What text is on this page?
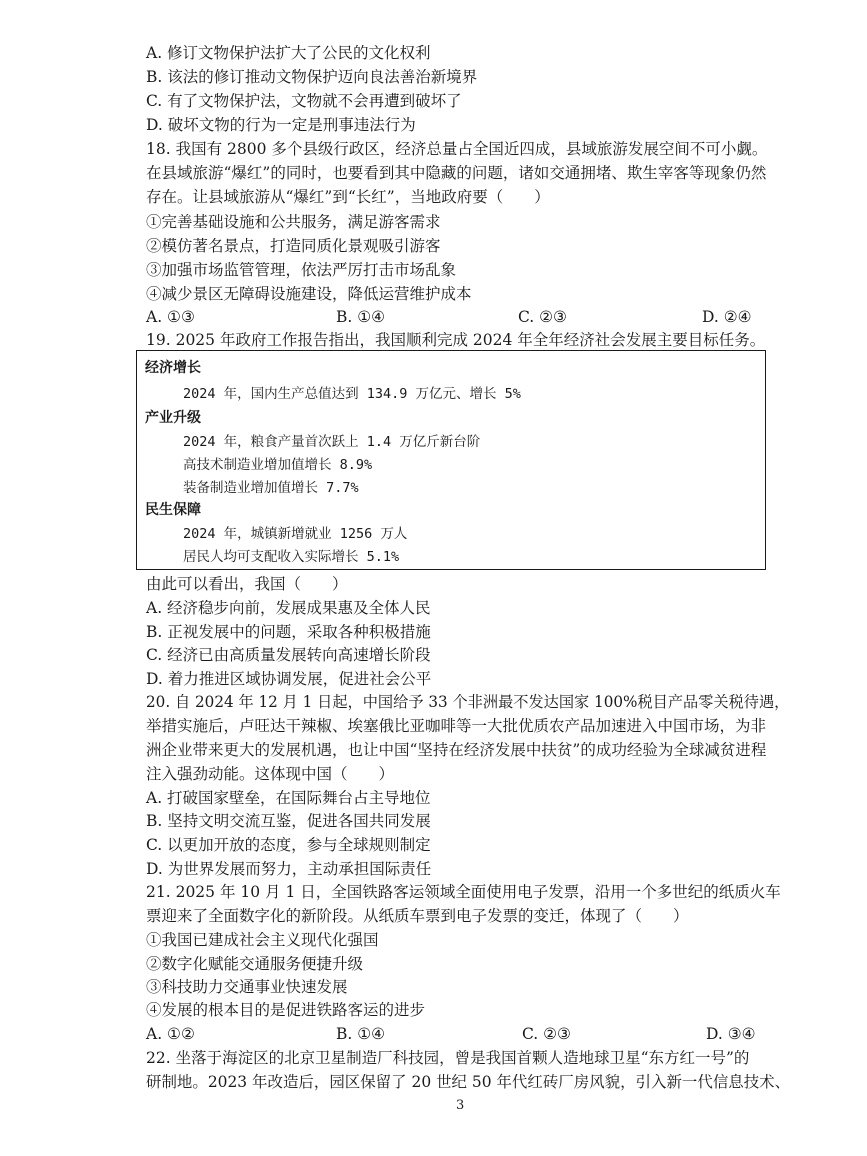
A. 修订文物保护法扩大了公民的文化权利
B. 该法的修订推动文物保护迈向良法善治新境界
C. 有了文物保护法，文物就不会再遭到破坏了
D. 破坏文物的行为一定是刑事违法行为
18. 我国有 2800 多个县级行政区，经济总量占全国近四成，县域旅游发展空间不可小觑。
在县域旅游“爆红”的同时，也要看到其中隐藏的问题，诸如交通拥堵、欺生宰客等现象仍然
存在。让县域旅游从“爆红”到“长红”，当地政府要（　　）
①完善基础设施和公共服务，满足游客需求
②模仿著名景点，打造同质化景观吸引游客
③加强市场监管管理，依法严厉打击市场乱象
④减少景区无障碍设施建设，降低运营维护成本
A. ①③	B. ①④	C. ②③	D. ②④
19. 2025 年政府工作报告指出，我国顺利完成 2024 年全年经济社会发展主要目标任务。
经济增长
2024 年，国内生产总值达到 134.9 万亿元、增长 5%
产业升级
2024 年，粮食产量首次跃上 1.4 万亿斤新台阶
高技术制造业增加值增长 8.9%
装备制造业增加值增长 7.7%
民生保障
2024 年，城镇新增就业 1256 万人
居民人均可支配收入实际增长 5.1%
由此可以看出，我国（　　）
A. 经济稳步向前，发展成果惠及全体人民
B. 正视发展中的问题，采取各种积极措施
C. 经济已由高质量发展转向高速增长阶段
D. 着力推进区域协调发展，促进社会公平
20. 自 2024 年 12 月 1 日起，中国给予 33 个非洲最不发达国家 100%税目产品零关税待遇，
举措实施后，卢旺达干辣椒、埃塞俄比亚咖啡等一大批优质农产品加速进入中国市场，为非
洲企业带来更大的发展机遇，也让中国“坚持在经济发展中扶贫”的成功经验为全球减贫进程
注入强劲动能。这体现中国（　　）
A. 打破国家壁垒，在国际舞台占主导地位
B. 坚持文明交流互鉴，促进各国共同发展
C. 以更加开放的态度，参与全球规则制定
D. 为世界发展而努力，主动承担国际责任
21. 2025 年 10 月 1 日，全国铁路客运领域全面使用电子发票，沿用一个多世纪的纸质火车
票迎来了全面数字化的新阶段。从纸质车票到电子发票的变迁，体现了（　　）
①我国已建成社会主义现代化强国
②数字化赋能交通服务便捷升级
③科技助力交通事业快速发展
④发展的根本目的是促进铁路客运的进步
A. ①②	B. ①④	C. ②③	D. ③④
22. 坐落于海淀区的北京卫星制造厂科技园，曾是我国首颗人造地球卫星“东方红一号”的
研制地。2023 年改造后，园区保留了 20 世纪 50 年代红砖厂房风貌，引入新一代信息技术、
3
